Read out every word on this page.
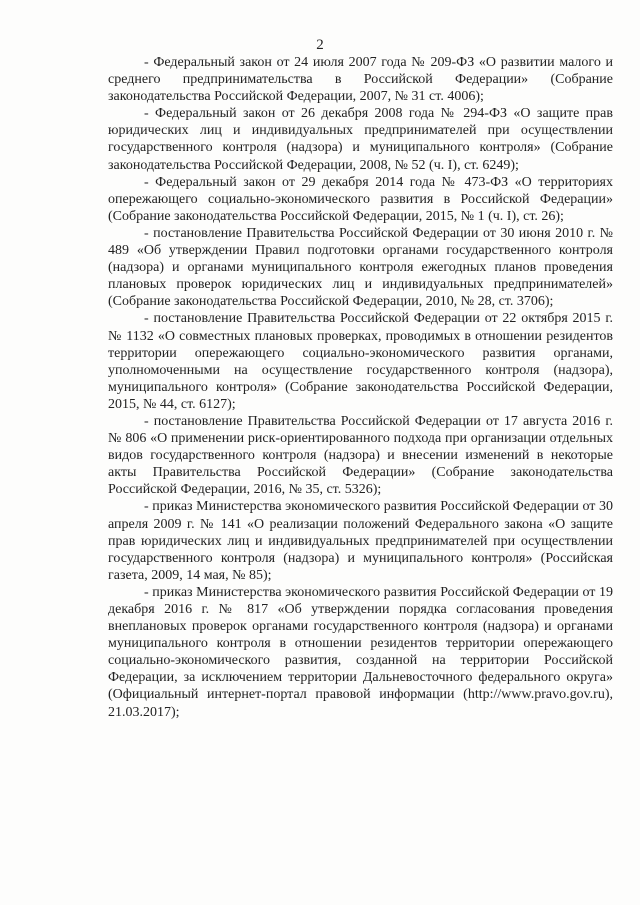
2

- Федеральный закон от 24 июля 2007 года № 209-ФЗ «О развитии малого и среднего предпринимательства в Российской Федерации» (Собрание законодательства Российской Федерации, 2007, № 31 ст. 4006);

- Федеральный закон от 26 декабря 2008 года № 294-ФЗ «О защите прав юридических лиц и индивидуальных предпринимателей при осуществлении государственного контроля (надзора) и муниципального контроля» (Собрание законодательства Российской Федерации, 2008, № 52 (ч. I), ст. 6249);

- Федеральный закон от 29 декабря 2014 года № 473-ФЗ «О территориях опережающего социально-экономического развития в Российской Федерации» (Собрание законодательства Российской Федерации, 2015, № 1 (ч. I), ст. 26);

- постановление Правительства Российской Федерации от 30 июня 2010 г. № 489 «Об утверждении Правил подготовки органами государственного контроля (надзора) и органами муниципального контроля ежегодных планов проведения плановых проверок юридических лиц и индивидуальных предпринимателей» (Собрание законодательства Российской Федерации, 2010, № 28, ст. 3706);

- постановление Правительства Российской Федерации от 22 октября 2015 г. № 1132 «О совместных плановых проверках, проводимых в отношении резидентов территории опережающего социально-экономического развития органами, уполномоченными на осуществление государственного контроля (надзора), муниципального контроля» (Собрание законодательства Российской Федерации, 2015, № 44, ст. 6127);

- постановление Правительства Российской Федерации от 17 августа 2016 г. № 806 «О применении риск-ориентированного подхода при организации отдельных видов государственного контроля (надзора) и внесении изменений в некоторые акты Правительства Российской Федерации» (Собрание законодательства Российской Федерации, 2016, № 35, ст. 5326);

- приказ Министерства экономического развития Российской Федерации от 30 апреля 2009 г. № 141 «О реализации положений Федерального закона «О защите прав юридических лиц и индивидуальных предпринимателей при осуществлении государственного контроля (надзора) и муниципального контроля» (Российская газета, 2009, 14 мая, № 85);

- приказ Министерства экономического развития Российской Федерации от 19 декабря 2016 г. № 817 «Об утверждении порядка согласования проведения внеплановых проверок органами государственного контроля (надзора) и органами муниципального контроля в отношении резидентов территории опережающего социально-экономического развития, созданной на территории Российской Федерации, за исключением территории Дальневосточного федерального округа» (Официальный интернет-портал правовой информации (http://www.pravo.gov.ru), 21.03.2017);
